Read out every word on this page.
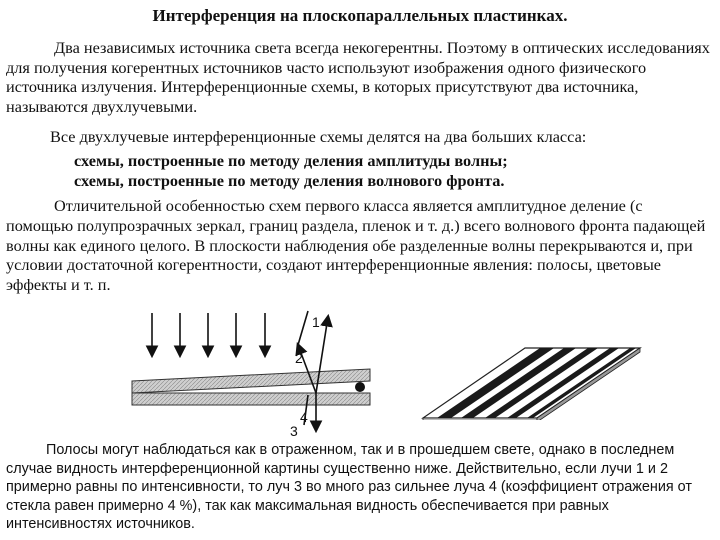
Интерференция на плоскопараллельных пластинках.

Два независимых источника света всегда некогерентны. Поэтому в оптических исследованиях для получения когерентных источников часто используют изображения одного физического источника излучения. Интерференционные схемы, в которых присутствуют два источника, называются двухлучевыми.

Все двухлучевые интерференционные схемы делятся на два больших класса:

схемы, построенные по методу деления амплитуды волны;

схемы, построенные по методу деления волнового фронта.

Отличительной особенностью схем первого класса является амплитудное деление (с помощью полупрозрачных зеркал, границ раздела, пленок и т. д.) всего волнового фронта падающей волны как единого целого. В плоскости наблюдения обе разделенные волны перекрываются и, при условии достаточной когерентности, создают интерференционные явления: полосы, цветовые эффекты и т. п.

1
2
4
3

Полосы могут наблюдаться как в отраженном, так и в прошедшем свете, однако в последнем случае видность интерференционной картины существенно ниже. Действительно, если лучи 1 и 2 примерно равны по интенсивности, то луч 3 во много раз сильнее луча 4 (коэффициент отражения от стекла равен примерно 4 %), так как максимальная видность обеспечивается при равных интенсивностях источников.
